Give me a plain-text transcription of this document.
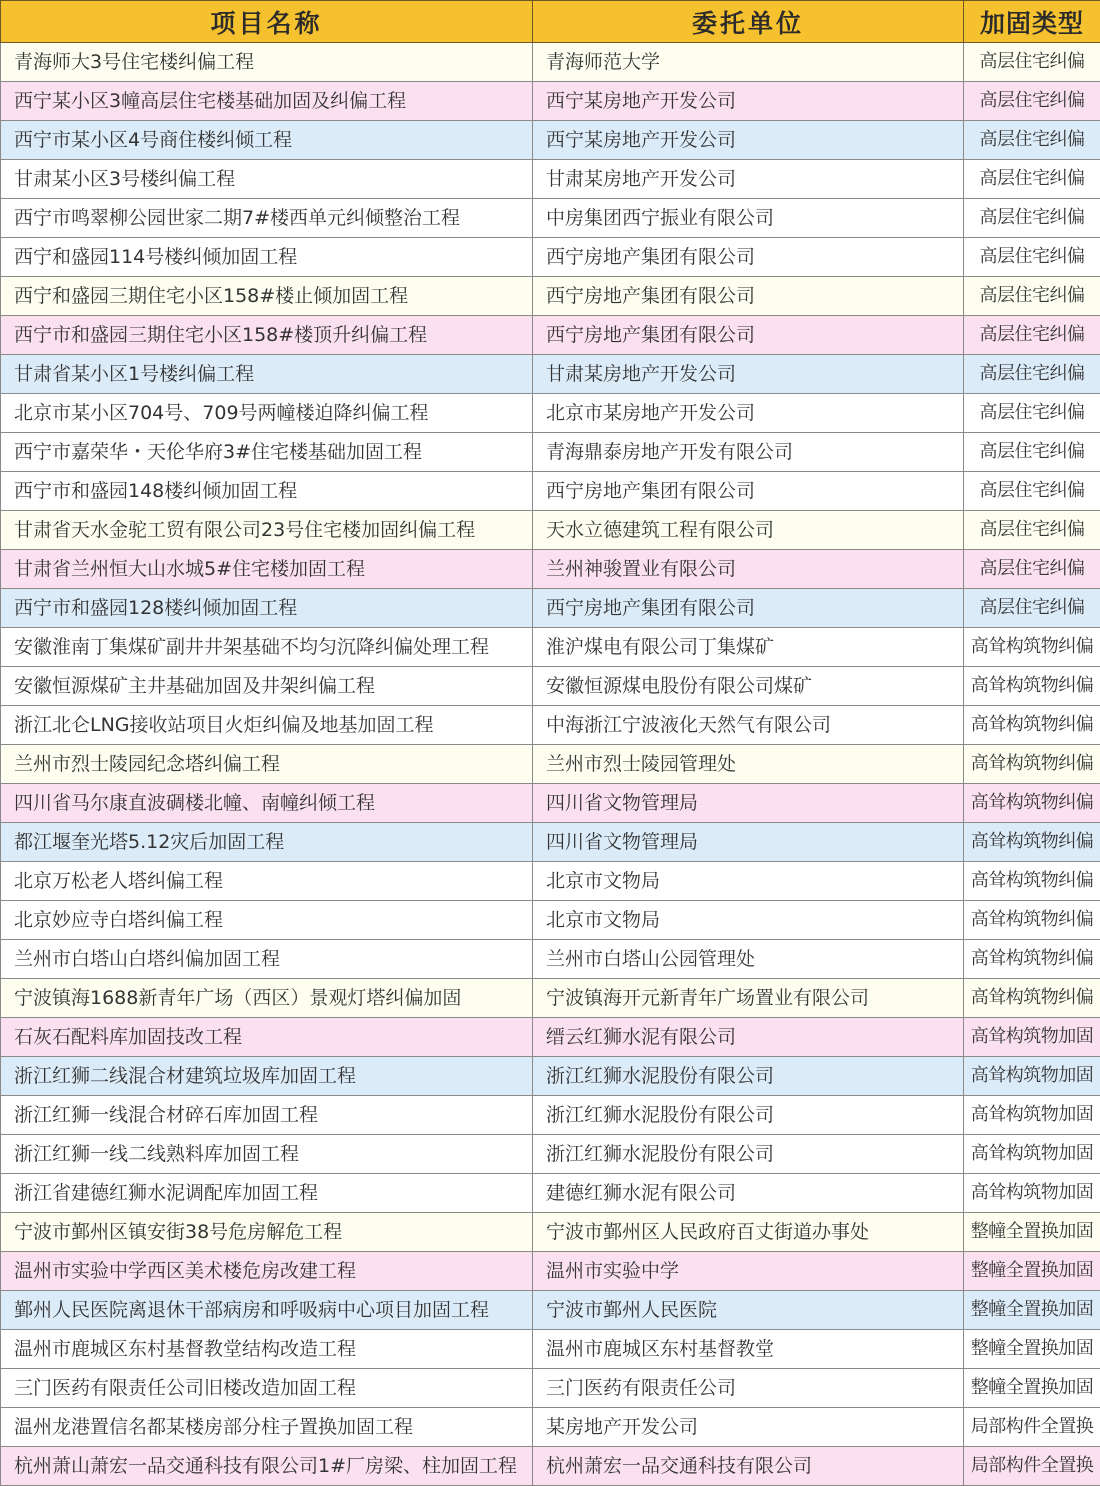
项目名称	委托单位	加固类型
青海师大3号住宅楼纠偏工程	青海师范大学	高层住宅纠偏
西宁某小区3幢高层住宅楼基础加固及纠偏工程	西宁某房地产开发公司	高层住宅纠偏
西宁市某小区4号商住楼纠倾工程	西宁某房地产开发公司	高层住宅纠偏
甘肃某小区3号楼纠偏工程	甘肃某房地产开发公司	高层住宅纠偏
西宁市鸣翠柳公园世家二期7#楼西单元纠倾整治工程	中房集团西宁振业有限公司	高层住宅纠偏
西宁和盛园114号楼纠倾加固工程	西宁房地产集团有限公司	高层住宅纠偏
西宁和盛园三期住宅小区158#楼止倾加固工程	西宁房地产集团有限公司	高层住宅纠偏
西宁市和盛园三期住宅小区158#楼顶升纠偏工程	西宁房地产集团有限公司	高层住宅纠偏
甘肃省某小区1号楼纠偏工程	甘肃某房地产开发公司	高层住宅纠偏
北京市某小区704号、709号两幢楼迫降纠偏工程	北京市某房地产开发公司	高层住宅纠偏
西宁市嘉荣华・天伦华府3#住宅楼基础加固工程	青海鼎泰房地产开发有限公司	高层住宅纠偏
西宁市和盛园148楼纠倾加固工程	西宁房地产集团有限公司	高层住宅纠偏
甘肃省天水金驼工贸有限公司23号住宅楼加固纠偏工程	天水立德建筑工程有限公司	高层住宅纠偏
甘肃省兰州恒大山水城5#住宅楼加固工程	兰州神骏置业有限公司	高层住宅纠偏
西宁市和盛园128楼纠倾加固工程	西宁房地产集团有限公司	高层住宅纠偏
安徽淮南丁集煤矿副井井架基础不均匀沉降纠偏处理工程	淮沪煤电有限公司丁集煤矿	高耸构筑物纠偏
安徽恒源煤矿主井基础加固及井架纠偏工程	安徽恒源煤电股份有限公司煤矿	高耸构筑物纠偏
浙江北仑LNG接收站项目火炬纠偏及地基加固工程	中海浙江宁波液化天然气有限公司	高耸构筑物纠偏
兰州市烈士陵园纪念塔纠偏工程	兰州市烈士陵园管理处	高耸构筑物纠偏
四川省马尔康直波碉楼北幢、南幢纠倾工程	四川省文物管理局	高耸构筑物纠偏
都江堰奎光塔5.12灾后加固工程	四川省文物管理局	高耸构筑物纠偏
北京万松老人塔纠偏工程	北京市文物局	高耸构筑物纠偏
北京妙应寺白塔纠偏工程	北京市文物局	高耸构筑物纠偏
兰州市白塔山白塔纠偏加固工程	兰州市白塔山公园管理处	高耸构筑物纠偏
宁波镇海1688新青年广场（西区）景观灯塔纠偏加固	宁波镇海开元新青年广场置业有限公司	高耸构筑物纠偏
石灰石配料库加固技改工程	缙云红狮水泥有限公司	高耸构筑物加固
浙江红狮二线混合材建筑垃圾库加固工程	浙江红狮水泥股份有限公司	高耸构筑物加固
浙江红狮一线混合材碎石库加固工程	浙江红狮水泥股份有限公司	高耸构筑物加固
浙江红狮一线二线熟料库加固工程	浙江红狮水泥股份有限公司	高耸构筑物加固
浙江省建德红狮水泥调配库加固工程	建德红狮水泥有限公司	高耸构筑物加固
宁波市鄞州区镇安街38号危房解危工程	宁波市鄞州区人民政府百丈街道办事处	整幢全置换加固
温州市实验中学西区美术楼危房改建工程	温州市实验中学	整幢全置换加固
鄞州人民医院离退休干部病房和呼吸病中心项目加固工程	宁波市鄞州人民医院	整幢全置换加固
温州市鹿城区东村基督教堂结构改造工程	温州市鹿城区东村基督教堂	整幢全置换加固
三门医药有限责任公司旧楼改造加固工程	三门医药有限责任公司	整幢全置换加固
温州龙港置信名都某楼房部分柱子置换加固工程	某房地产开发公司	局部构件全置换
杭州萧山萧宏一品交通科技有限公司1#厂房梁、柱加固工程	杭州萧宏一品交通科技有限公司	局部构件全置换
